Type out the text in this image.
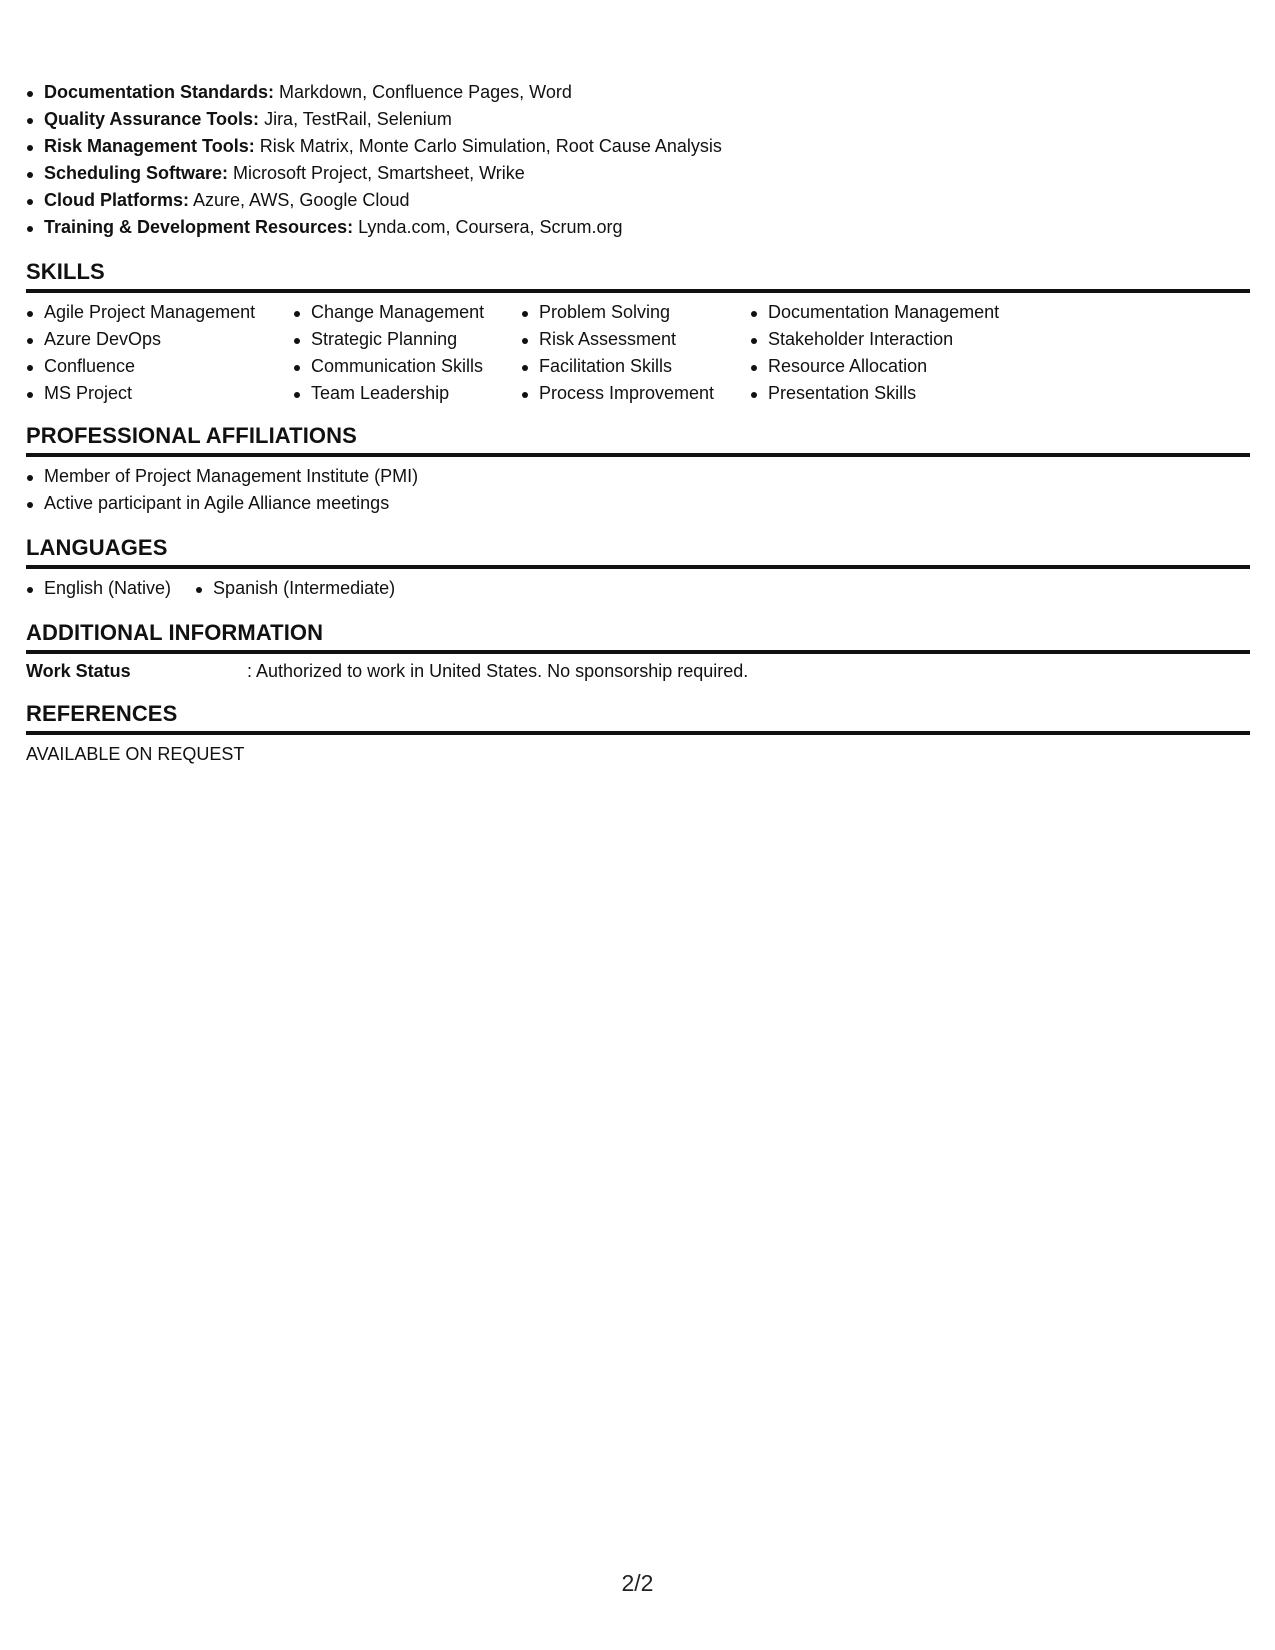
Documentation Standards: Markdown, Confluence Pages, Word
Quality Assurance Tools: Jira, TestRail, Selenium
Risk Management Tools: Risk Matrix, Monte Carlo Simulation, Root Cause Analysis
Scheduling Software: Microsoft Project, Smartsheet, Wrike
Cloud Platforms: Azure, AWS, Google Cloud
Training & Development Resources: Lynda.com, Coursera, Scrum.org
SKILLS
Agile Project Management
Azure DevOps
Confluence
MS Project
Change Management
Strategic Planning
Communication Skills
Team Leadership
Problem Solving
Risk Assessment
Facilitation Skills
Process Improvement
Documentation Management
Stakeholder Interaction
Resource Allocation
Presentation Skills
PROFESSIONAL AFFILIATIONS
Member of Project Management Institute (PMI)
Active participant in Agile Alliance meetings
LANGUAGES
English (Native)	Spanish (Intermediate)
ADDITIONAL INFORMATION
Work Status	: Authorized to work in United States. No sponsorship required.
REFERENCES
AVAILABLE ON REQUEST
2/2
